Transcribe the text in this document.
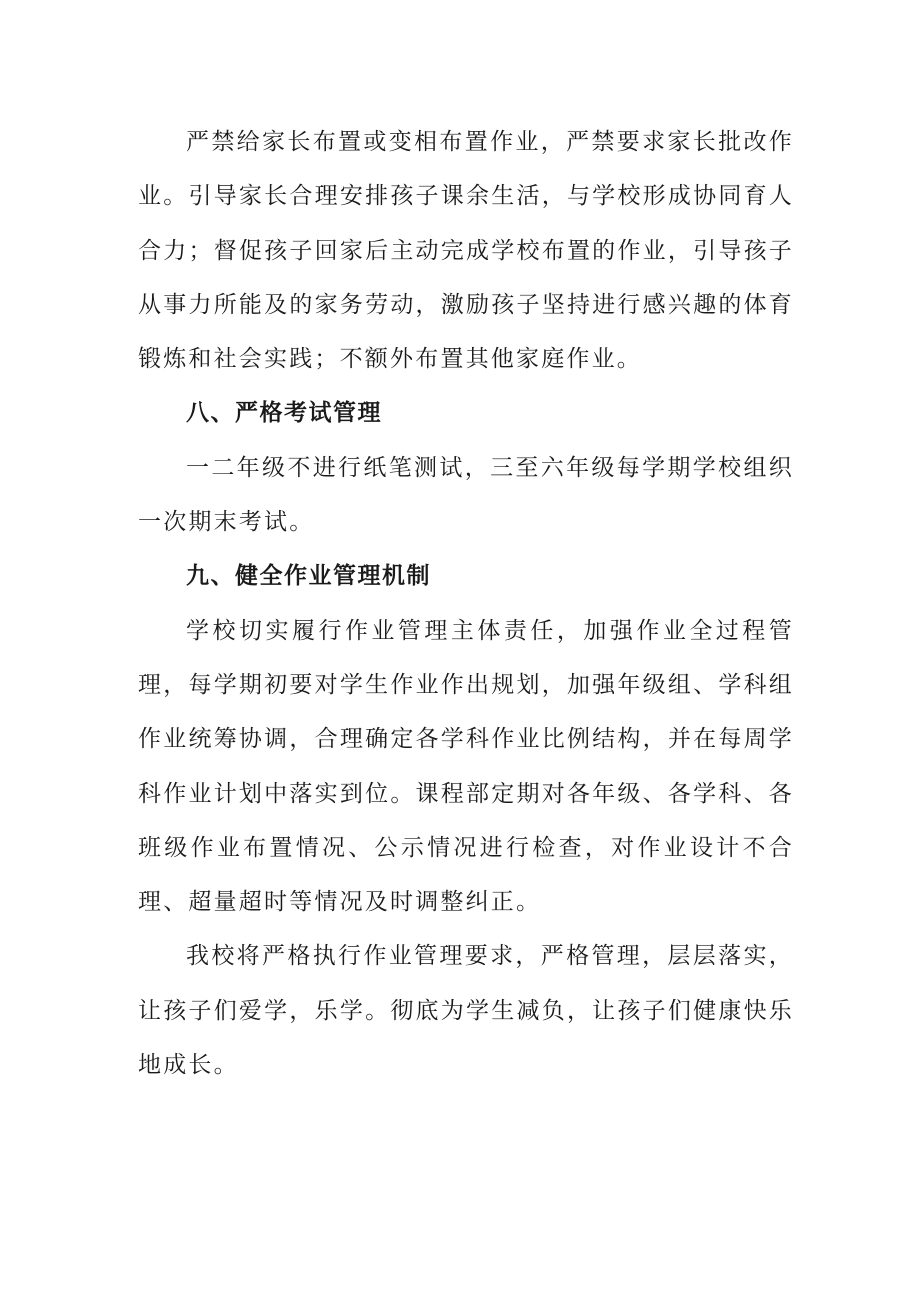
严禁给家长布置或变相布置作业，严禁要求家长批改作业。引导家长合理安排孩子课余生活，与学校形成协同育人合力；督促孩子回家后主动完成学校布置的作业，引导孩子从事力所能及的家务劳动，激励孩子坚持进行感兴趣的体育锻炼和社会实践；不额外布置其他家庭作业。

八、严格考试管理

一二年级不进行纸笔测试，三至六年级每学期学校组织一次期末考试。

九、健全作业管理机制

学校切实履行作业管理主体责任，加强作业全过程管理，每学期初要对学生作业作出规划，加强年级组、学科组作业统筹协调，合理确定各学科作业比例结构，并在每周学科作业计划中落实到位。课程部定期对各年级、各学科、各班级作业布置情况、公示情况进行检查，对作业设计不合理、超量超时等情况及时调整纠正。

我校将严格执行作业管理要求，严格管理，层层落实，让孩子们爱学，乐学。彻底为学生减负，让孩子们健康快乐地成长。
